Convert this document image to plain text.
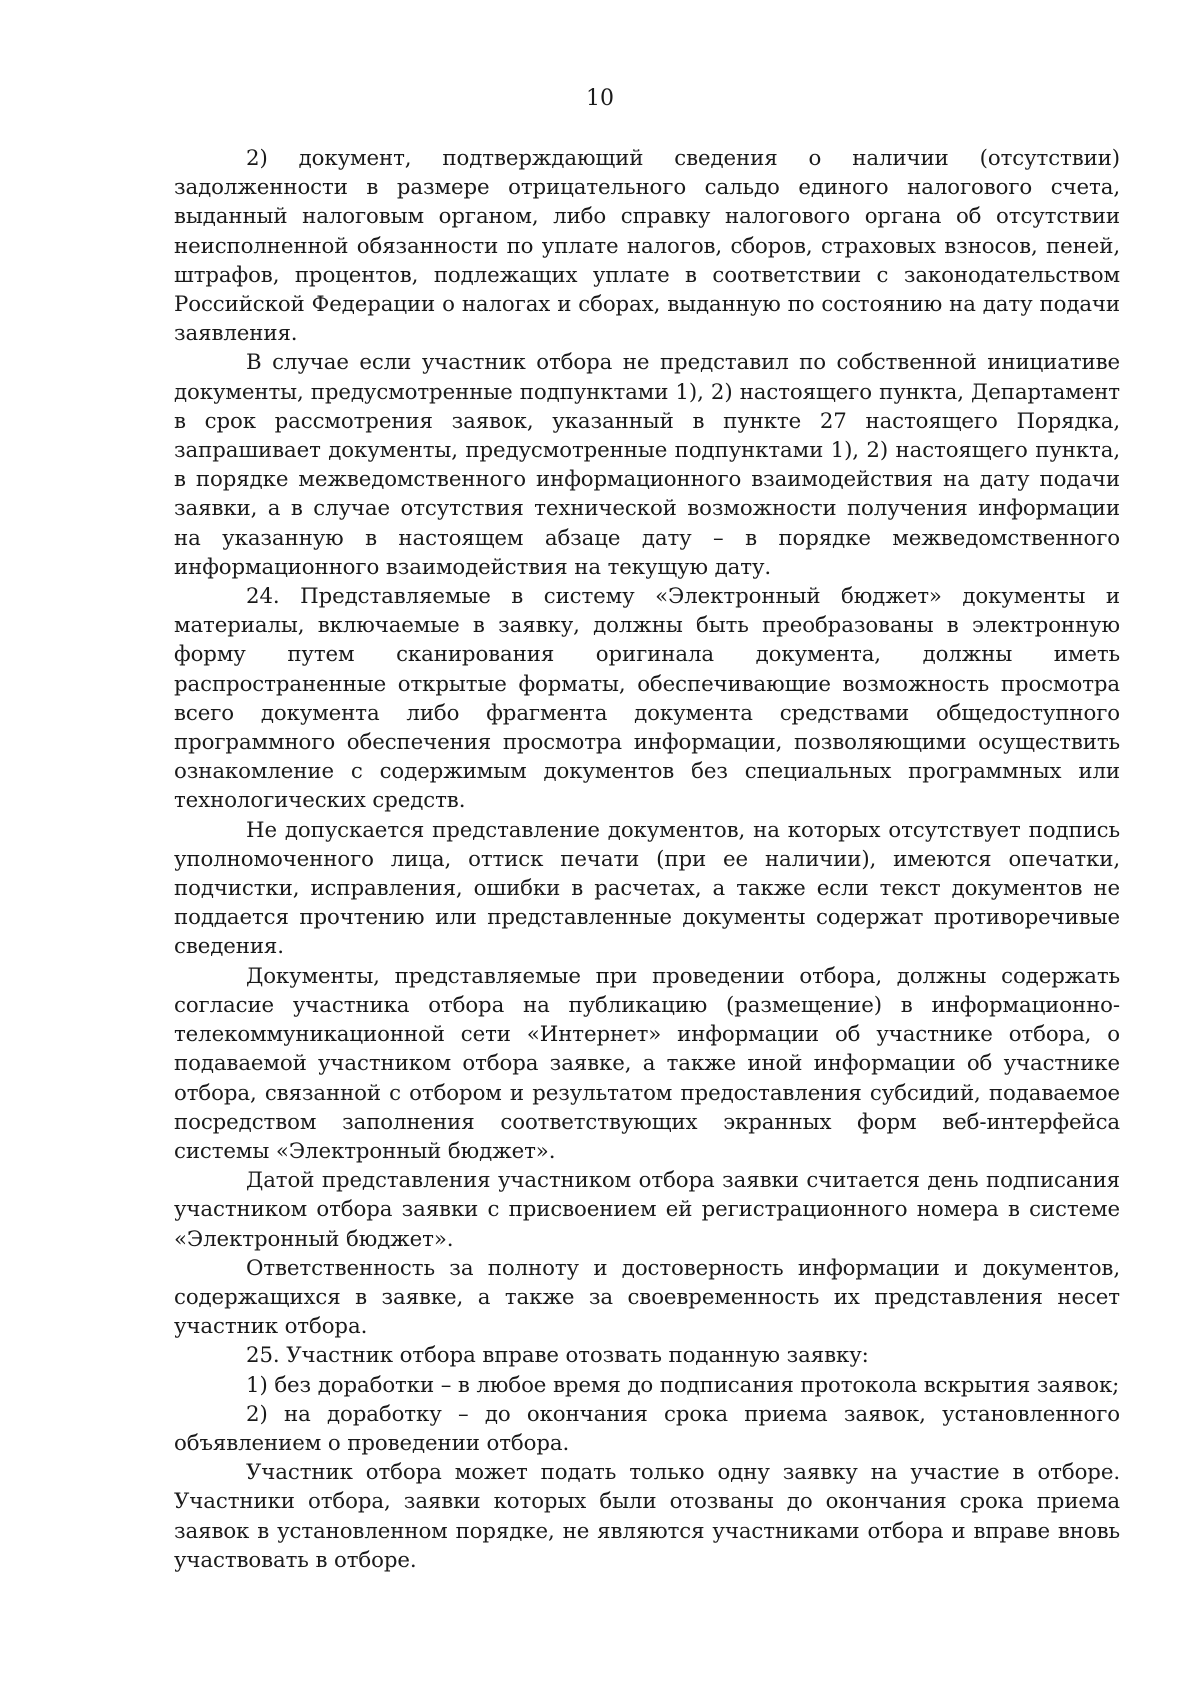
10

2) документ, подтверждающий сведения о наличии (отсутствии) задолженности в размере отрицательного сальдо единого налогового счета, выданный налоговым органом, либо справку налогового органа об отсутствии неисполненной обязанности по уплате налогов, сборов, страховых взносов, пеней, штрафов, процентов, подлежащих уплате в соответствии с законодательством Российской Федерации о налогах и сборах, выданную по состоянию на дату подачи заявления.

В случае если участник отбора не представил по собственной инициативе документы, предусмотренные подпунктами 1), 2) настоящего пункта, Департамент в срок рассмотрения заявок, указанный в пункте 27 настоящего Порядка, запрашивает документы, предусмотренные подпунктами 1), 2) настоящего пункта, в порядке межведомственного информационного взаимодействия на дату подачи заявки, а в случае отсутствия технической возможности получения информации на указанную в настоящем абзаце дату – в порядке межведомственного информационного взаимодействия на текущую дату.

24. Представляемые в систему «Электронный бюджет» документы и материалы, включаемые в заявку, должны быть преобразованы в электронную форму путем сканирования оригинала документа, должны иметь распространенные открытые форматы, обеспечивающие возможность просмотра всего документа либо фрагмента документа средствами общедоступного программного обеспечения просмотра информации, позволяющими осуществить ознакомление с содержимым документов без специальных программных или технологических средств.

Не допускается представление документов, на которых отсутствует подпись уполномоченного лица, оттиск печати (при ее наличии), имеются опечатки, подчистки, исправления, ошибки в расчетах, а также если текст документов не поддается прочтению или представленные документы содержат противоречивые сведения.

Документы, представляемые при проведении отбора, должны содержать согласие участника отбора на публикацию (размещение) в информационно-телекоммуникационной сети «Интернет» информации об участнике отбора, о подаваемой участником отбора заявке, а также иной информации об участнике отбора, связанной с отбором и результатом предоставления субсидий, подаваемое посредством заполнения соответствующих экранных форм веб-интерфейса системы «Электронный бюджет».

Датой представления участником отбора заявки считается день подписания участником отбора заявки с присвоением ей регистрационного номера в системе «Электронный бюджет».

Ответственность за полноту и достоверность информации и документов, содержащихся в заявке, а также за своевременность их представления несет участник отбора.

25. Участник отбора вправе отозвать поданную заявку:

1) без доработки – в любое время до подписания протокола вскрытия заявок;

2) на доработку – до окончания срока приема заявок, установленного объявлением о проведении отбора.

Участник отбора может подать только одну заявку на участие в отборе. Участники отбора, заявки которых были отозваны до окончания срока приема заявок в установленном порядке, не являются участниками отбора и вправе вновь участвовать в отборе.
